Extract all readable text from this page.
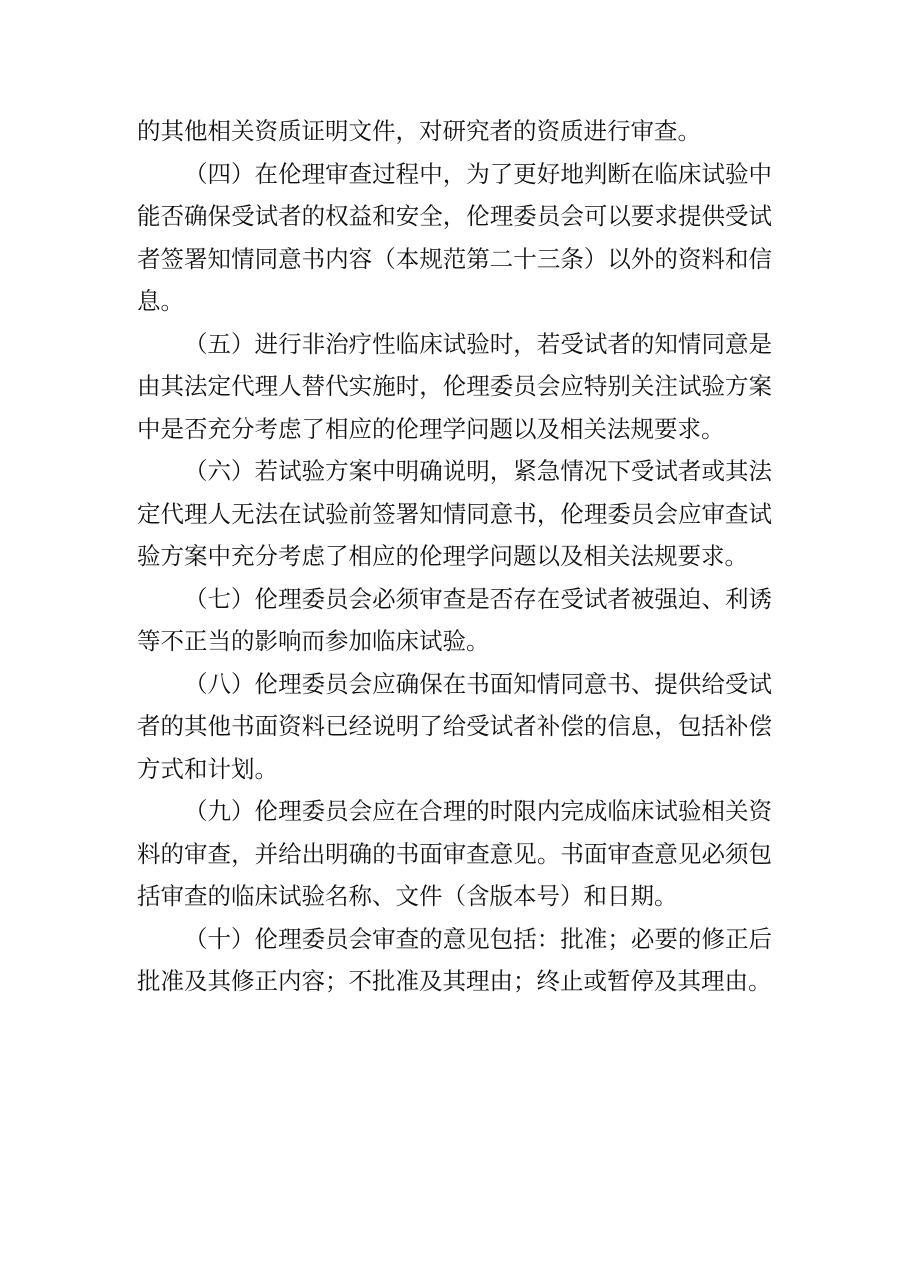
的其他相关资质证明文件，对研究者的资质进行审查。

（四）在伦理审查过程中，为了更好地判断在临床试验中能否确保受试者的权益和安全，伦理委员会可以要求提供受试者签署知情同意书内容（本规范第二十三条）以外的资料和信息。

（五）进行非治疗性临床试验时，若受试者的知情同意是由其法定代理人替代实施时，伦理委员会应特别关注试验方案中是否充分考虑了相应的伦理学问题以及相关法规要求。

（六）若试验方案中明确说明，紧急情况下受试者或其法定代理人无法在试验前签署知情同意书，伦理委员会应审查试验方案中充分考虑了相应的伦理学问题以及相关法规要求。

（七）伦理委员会必须审查是否存在受试者被强迫、利诱等不正当的影响而参加临床试验。

（八）伦理委员会应确保在书面知情同意书、提供给受试者的其他书面资料已经说明了给受试者补偿的信息，包括补偿方式和计划。

（九）伦理委员会应在合理的时限内完成临床试验相关资料的审查，并给出明确的书面审查意见。书面审查意见必须包括审查的临床试验名称、文件（含版本号）和日期。

（十）伦理委员会审查的意见包括：批准；必要的修正后批准及其修正内容；不批准及其理由；终止或暂停及其理由。
